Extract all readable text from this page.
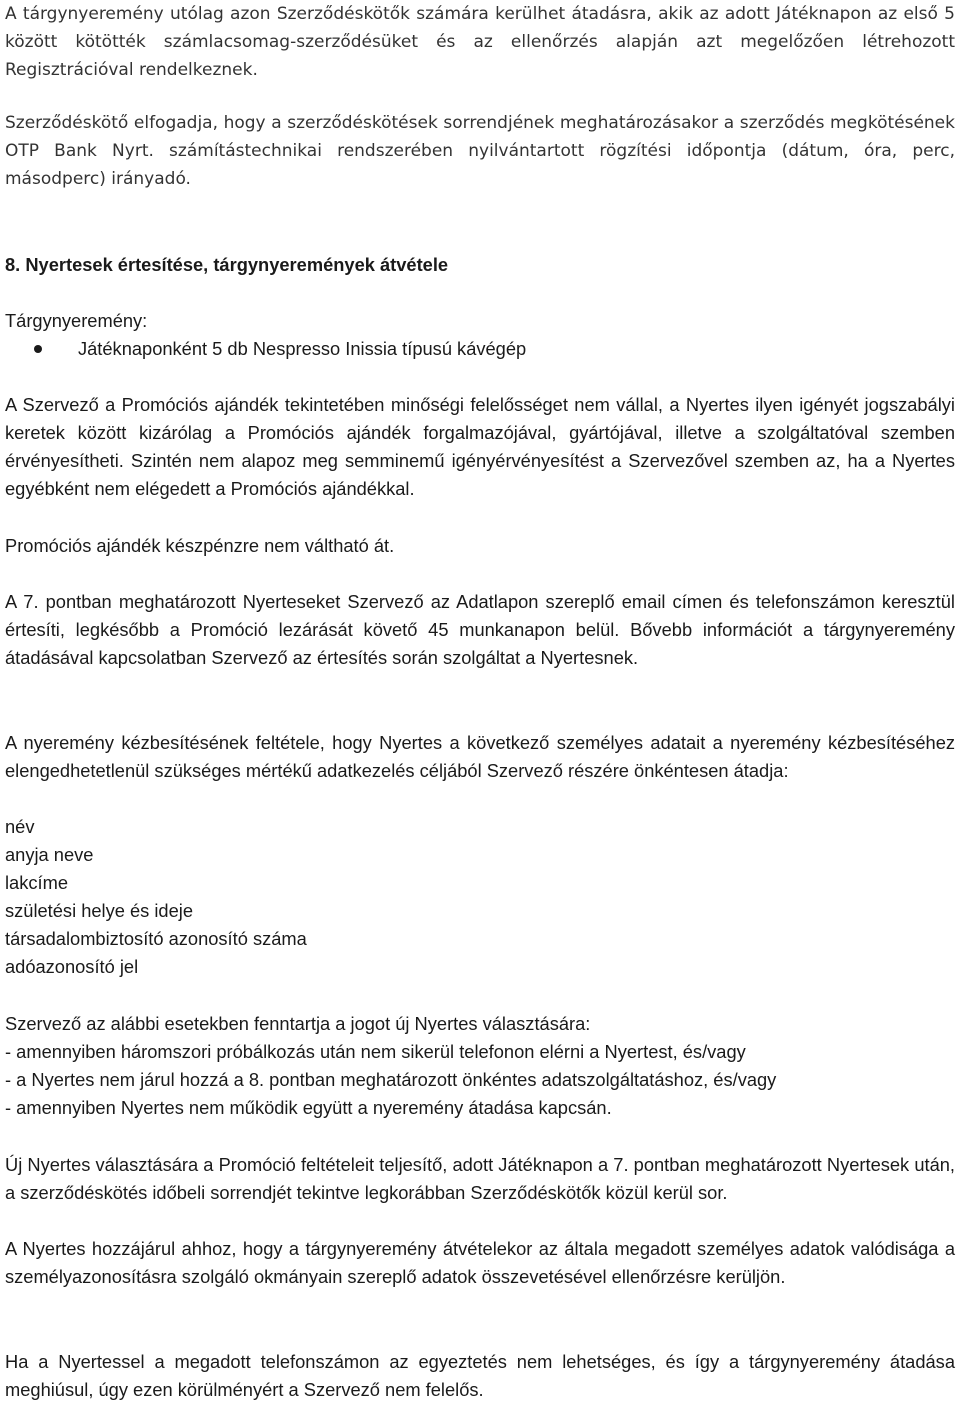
A tárgynyeremény utólag azon Szerződéskötők számára kerülhet átadásra, akik az adott Játéknapon az első 5 között kötötték számlacsomag-szerződésüket és az ellenőrzés alapján azt megelőzően létrehozott Regisztrációval rendelkeznek.

Szerződéskötő elfogadja, hogy a szerződéskötések sorrendjének meghatározásakor a szerződés megkötésének OTP Bank Nyrt. számítástechnikai rendszerében nyilvántartott rögzítési időpontja (dátum, óra, perc, másodperc) irányadó.

8. Nyertesek értesítése, tárgynyeremények átvétele

Tárgynyeremény:

Játéknaponként 5 db Nespresso Inissia típusú kávégép

A Szervező a Promóciós ajándék tekintetében minőségi felelősséget nem vállal, a Nyertes ilyen igényét jogszabályi keretek között kizárólag a Promóciós ajándék forgalmazójával, gyártójával, illetve a szolgáltatóval szemben érvényesítheti. Szintén nem alapoz meg semminemű igényérvényesítést a Szervezővel szemben az, ha a Nyertes egyébként nem elégedett a Promóciós ajándékkal.

Promóciós ajándék készpénzre nem váltható át.

A 7. pontban meghatározott Nyerteseket Szervező az Adatlapon szereplő email címen és telefonszámon keresztül értesíti, legkésőbb a Promóció lezárását követő 45 munkanapon belül. Bővebb információt a tárgynyeremény átadásával kapcsolatban Szervező az értesítés során szolgáltat a Nyertesnek.

A nyeremény kézbesítésének feltétele, hogy Nyertes a következő személyes adatait a nyeremény kézbesítéséhez elengedhetetlenül szükséges mértékű adatkezelés céljából Szervező részére önkéntesen átadja:

név

anyja neve

lakcíme

születési helye és ideje

társadalombiztosító azonosító száma

adóazonosító jel

Szervező az alábbi esetekben fenntartja a jogot új Nyertes választására:

- amennyiben háromszori próbálkozás után nem sikerül telefonon elérni a Nyertest, és/vagy

- a Nyertes nem járul hozzá a 8. pontban meghatározott önkéntes adatszolgáltatáshoz, és/vagy

- amennyiben Nyertes nem működik együtt a nyeremény átadása kapcsán.

Új Nyertes választására a Promóció feltételeit teljesítő, adott Játéknapon a 7. pontban meghatározott Nyertesek után, a szerződéskötés időbeli sorrendjét tekintve legkorábban Szerződéskötők közül kerül sor.

A Nyertes hozzájárul ahhoz, hogy a tárgynyeremény átvételekor az általa megadott személyes adatok valódisága a személyazonosításra szolgáló okmányain szereplő adatok összevetésével ellenőrzésre kerüljön.

Ha a Nyertessel a megadott telefonszámon az egyeztetés nem lehetséges, és így a tárgynyeremény átadása meghiúsul, úgy ezen körülményért a Szervező nem felelős.
